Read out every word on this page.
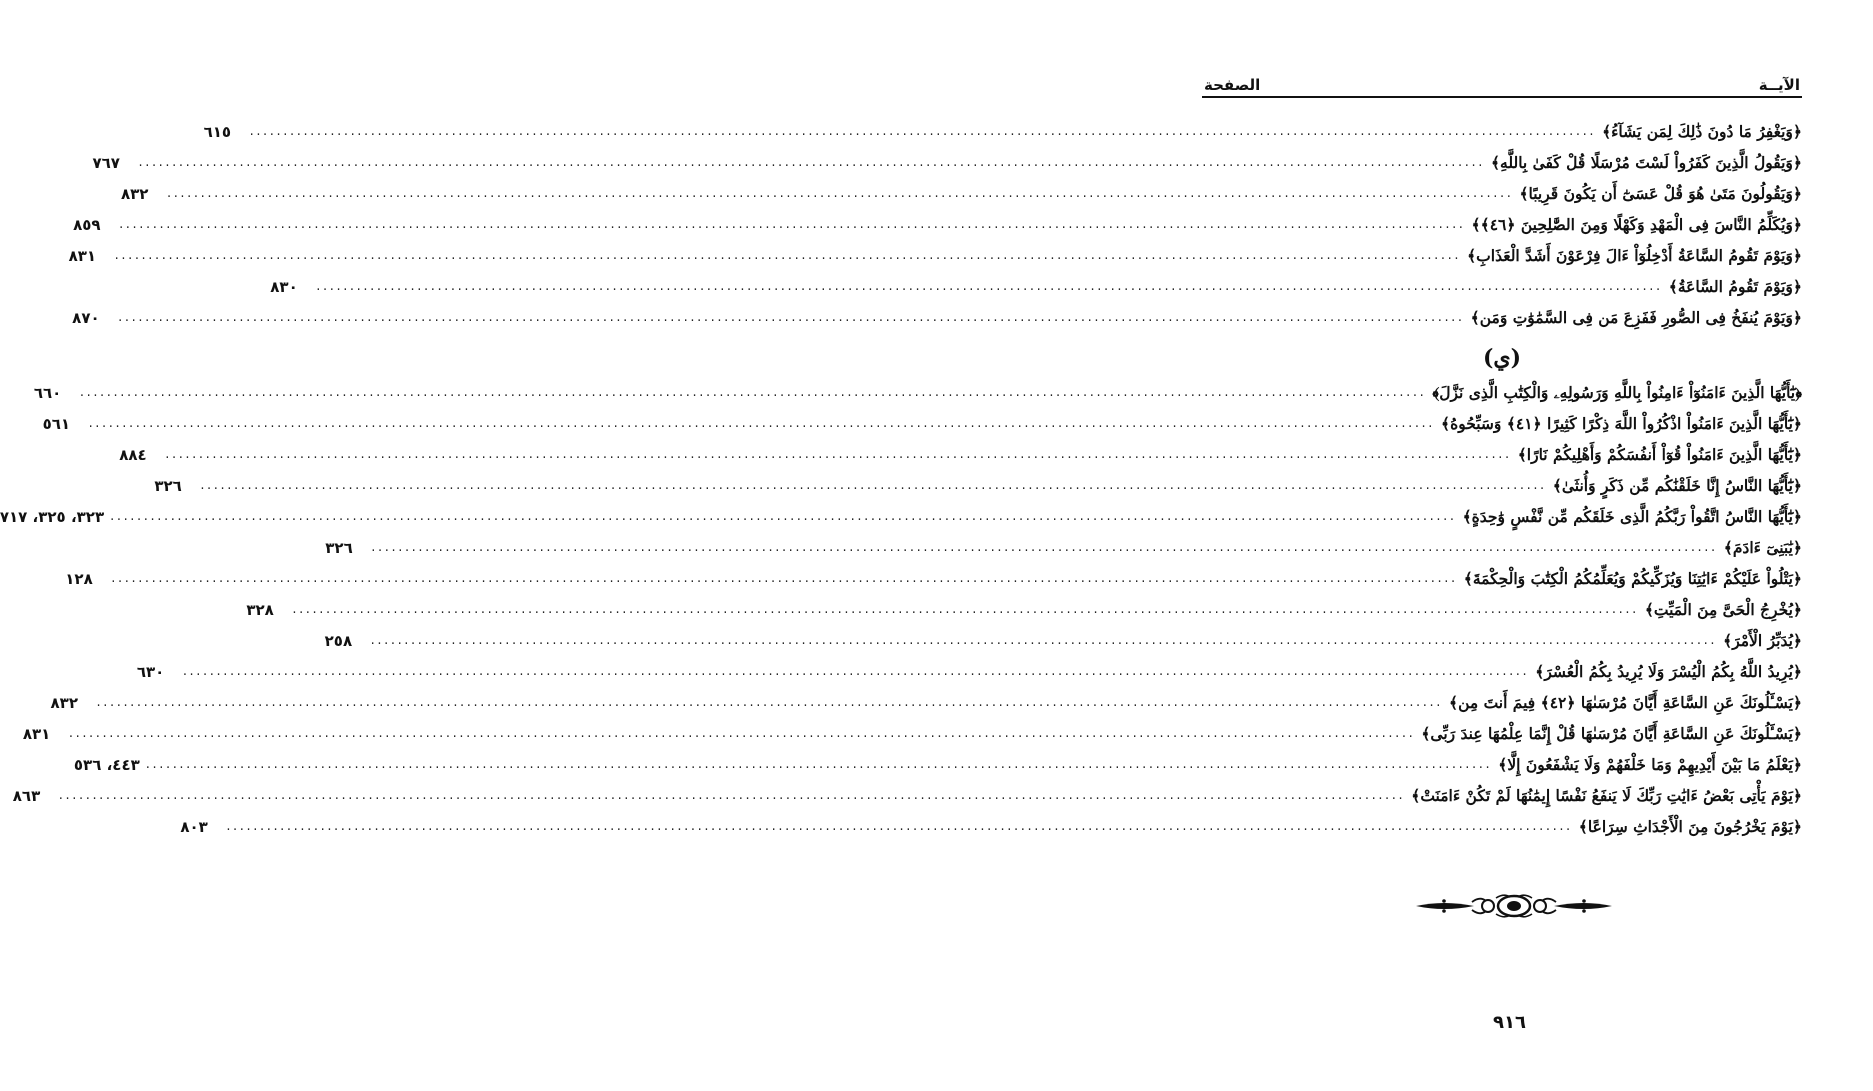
الآيــة
الصفحة
﴿وَيَغْفِرُ مَا دُونَ ذَٰلِكَ لِمَن يَشَآءُ﴾
........................................................................................................................................................................................................
٦١٥
﴿وَيَقُولُ الَّذِينَ كَفَرُواْ لَسْتَ مُرْسَلًا قُلْ كَفَىٰ بِاللَّهِ﴾
........................................................................................................................................................................................................
٧٦٧
﴿وَيَقُولُونَ مَتَىٰ هُوَ قُلْ عَسَىٰٓ أَن يَكُونَ قَرِيبًا﴾
........................................................................................................................................................................................................
٨٣٢
﴿وَيُكَلِّمُ النَّاسَ فِى الْمَهْدِ وَكَهْلًا وَمِنَ الصَّٰلِحِينَ ﴿٤٦﴾﴾
........................................................................................................................................................................................................
٨٥٩
﴿وَيَوْمَ تَقُومُ السَّاعَةُ أَدْخِلُوٓاْ ءَالَ فِرْعَوْنَ أَشَدَّ الْعَذَابِ﴾
........................................................................................................................................................................................................
٨٣١
﴿وَيَوْمَ تَقُومُ السَّاعَةُ﴾
........................................................................................................................................................................................................
٨٣٠
﴿وَيَوْمَ يُنفَخُ فِى الصُّورِ فَفَزِعَ مَن فِى السَّمَٰوَٰتِ وَمَن﴾
........................................................................................................................................................................................................
٨٧٠
(ي)
﴿يَٰٓأَيُّهَا الَّذِينَ ءَامَنُوٓاْ ءَامِنُواْ بِاللَّهِ وَرَسُولِهِۦ وَالْكِتَٰبِ الَّذِى نَزَّلَ﴾
........................................................................................................................................................................................................
٦٦٠
﴿يَٰٓأَيُّهَا الَّذِينَ ءَامَنُواْ اذْكُرُواْ اللَّهَ ذِكْرًا كَثِيرًا ﴿٤١﴾ وَسَبِّحُوهُ﴾
........................................................................................................................................................................................................
٥٦١
﴿يَٰٓأَيُّهَا الَّذِينَ ءَامَنُواْ قُوٓاْ أَنفُسَكُمْ وَأَهْلِيكُمْ نَارًا﴾
........................................................................................................................................................................................................
٨٨٤
﴿يَٰٓأَيُّهَا النَّاسُ إِنَّا خَلَقْنَٰكُم مِّن ذَكَرٍ وَأُنثَىٰ﴾
........................................................................................................................................................................................................
٣٢٦
﴿يَٰٓأَيُّهَا النَّاسُ اتَّقُواْ رَبَّكُمُ الَّذِى خَلَقَكُم مِّن نَّفْسٍ وَٰحِدَةٍ﴾
........................................................................................................................................................................................................
٣٢٣، ٣٢٥، ٧١٧
﴿يَٰبَنِىٓ ءَادَمَ﴾
........................................................................................................................................................................................................
٣٢٦
﴿يَتْلُواْ عَلَيْكُمْ ءَايَٰتِنَا وَيُزَكِّيكُمْ وَيُعَلِّمُكُمُ الْكِتَٰبَ وَالْحِكْمَةَ﴾
........................................................................................................................................................................................................
١٢٨
﴿يُخْرِجُ الْحَىَّ مِنَ الْمَيِّتِ﴾
........................................................................................................................................................................................................
٣٢٨
﴿يُدَبِّرُ الْأَمْرَ﴾
........................................................................................................................................................................................................
٢٥٨
﴿يُرِيدُ اللَّهُ بِكُمُ الْيُسْرَ وَلَا يُرِيدُ بِكُمُ الْعُسْرَ﴾
........................................................................................................................................................................................................
٦٣٠
﴿يَسْـَٔلُونَكَ عَنِ السَّاعَةِ أَيَّانَ مُرْسَىٰهَا ﴿٤٢﴾ فِيمَ أَنتَ مِن﴾
........................................................................................................................................................................................................
٨٣٢
﴿يَسْـَٔلُونَكَ عَنِ السَّاعَةِ أَيَّانَ مُرْسَىٰهَا قُلْ إِنَّمَا عِلْمُهَا عِندَ رَبِّى﴾
........................................................................................................................................................................................................
٨٣١
﴿يَعْلَمُ مَا بَيْنَ أَيْدِيهِمْ وَمَا خَلْفَهُمْ وَلَا يَشْفَعُونَ إِلَّا﴾
........................................................................................................................................................................................................
٤٤٣، ٥٣٦
﴿يَوْمَ يَأْتِى بَعْضُ ءَايَٰتِ رَبِّكَ لَا يَنفَعُ نَفْسًا إِيمَٰنُهَا لَمْ تَكُنْ ءَامَنَتْ﴾
........................................................................................................................................................................................................
٨٦٣
﴿يَوْمَ يَخْرُجُونَ مِنَ الْأَجْدَاثِ سِرَاعًا﴾
........................................................................................................................................................................................................
٨٠٣
٩١٦
